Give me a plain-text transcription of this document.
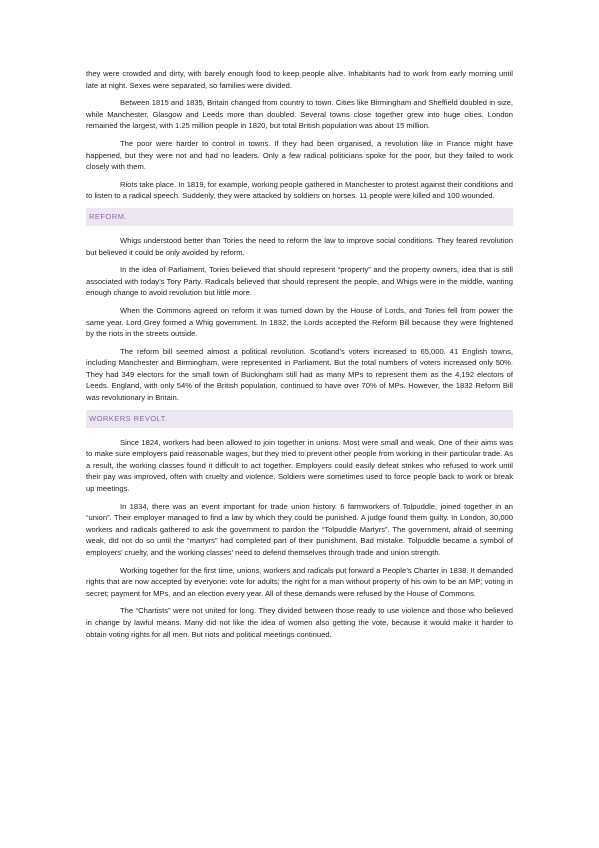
they were crowded and dirty, with barely enough food to keep people alive. Inhabitants had to work from early morning until late at night. Sexes were separated, so families were divided.

Between 1815 and 1835, Britain changed from country to town. Cities like Birmingham and Sheffield doubled in size, while Manchester, Glasgow and Leeds more than doubled. Several towns close together grew into huge cities. London remained the largest, with 1.25 million people in 1820, but total British population was about 15 million.

The poor were harder to control in towns. If they had been organised, a revolution like in France might have happened, but they were not and had no leaders. Only a few radical politicians spoke for the poor, but they failed to work closely with them.

Riots take place. In 1819, for example, working people gathered in Manchester to protest against their conditions and to listen to a radical speech. Suddenly, they were attacked by soldiers on horses. 11 people were killed and 100 wounded.

REFORM.

Whigs understood better than Tories the need to reform the law to improve social conditions. They feared revolution but believed it could be only avoided by reform.

In the idea of Parliament, Tories believed that should represent “property” and the property owners, idea that is still associated with today’s Tory Party. Radicals believed that should represent the people, and Whigs were in the middle, wanting enough change to avoid revolution but little more.

When the Commons agreed on reform it was turned down by the House of Lords, and Tories fell from power the same year. Lord Grey formed a Whig government. In 1832, the Lords accepted the Reform Bill because they were frightened by the riots in the streets outside.

The reform bill seemed almost a political revolution. Scotland’s voters increased to 65,000. 41 English towns, including Manchester and Birmingham, were represented in Parliament. But the total numbers of voters increased only 50%. They had 349 electors for the small town of Buckingham still had as many MPs to represent them as the 4,192 electors of Leeds. England, with only 54% of the British population, continued to have over 70% of MPs. However, the 1832 Reform Bill was revolutionary in Britain.

WORKERS REVOLT.

Since 1824, workers had been allowed to join together in unions. Most were small and weak. One of their aims was to make sure employers paid reasonable wages, but they tried to prevent other people from working in their particular trade. As a result, the working classes found it difficult to act together. Employers could easily defeat strikes who refused to work until their pay was improved, often with cruelty and violence. Soldiers were sometimes used to force people back to work or break up meetings.

In 1834, there was an event important for trade union history. 6 farmworkers of Tolpuddle, joined together in an “union”. Their employer managed to find a law by which they could be punished. A judge found them guilty. In London, 30,000 workers and radicals gathered to ask the government to pardon the “Tolpuddle Martyrs”. The government, afraid of seeming weak, did not do so until the “martyrs” had completed part of their punishment. Bad mistake. Tolpuddle became a symbol of employers’ cruelty, and the working classes’ need to defend themselves through trade and union strength.

Working together for the first time, unions, workers and radicals put forward a People’s Charter in 1838. It demanded rights that are now accepted by everyone: vote for adults; the right for a man without property of his own to be an MP; voting in secret; payment for MPs, and an election every year. All of these demands were refused by the House of Commons.

The “Chartists” were not united for long. They divided between those ready to use violence and those who believed in change by lawful means. Many did not like the idea of women also getting the vote, because it would make it harder to obtain voting rights for all men. But riots and political meetings continued.
